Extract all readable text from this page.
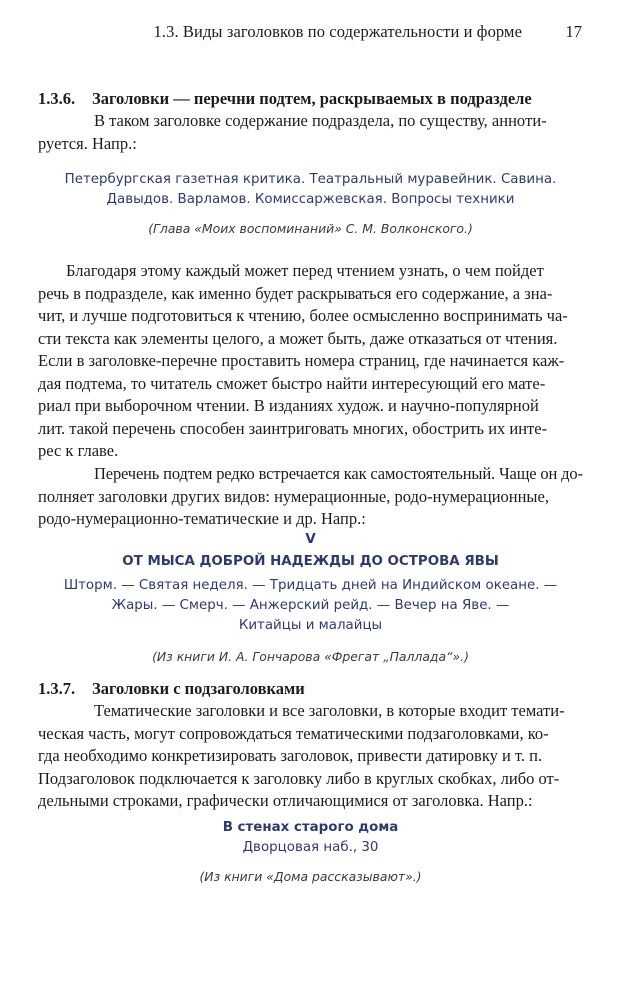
1.3. Виды заголовков по содержательности и форме	17
1.3.6. Заголовки — перечни подтем, раскрываемых в подразделе

В таком заголовке содержание подраздела, по существу, аннoти-
руется. Напр.:

Петербургская газетная критика. Театральный муравейник. Савина.
Давыдов. Варламов. Комиссаржевская. Вопросы техники
(Глава «Моих воспоминаний» С. М. Волконского.)

Благодаря этому каждый может перед чтением узнать, о чем пойдет
речь в подразделе, как именно будет раскрываться его содержание, а зна-
чит, и лучше подготовиться к чтению, более осмысленно воспринимать ча-
сти текста как элементы целого, а может быть, даже отказаться от чтения.
Если в заголовке-перечне проставить номера страниц, где начинается каж-
дая подтема, то читатель сможет быстро найти интересующий его мате-
риал при выборочном чтении. В изданиях худож. и научно-популярной
лит. такой перечень способен заинтриговать многих, обострить их инте-
рес к главе.

Перечень подтем редко встречается как самостоятельный. Чаще он до-
полняет заголовки других видов: нумерационные, родо-нумерационные,
родо-нумерационно-тематические и др. Напр.:

V
ОТ МЫСА ДОБРОЙ НАДЕЖДЫ ДО ОСТРОВА ЯВЫ
Шторм. — Святая неделя. — Тридцать дней на Индийском океане. —
Жары. — Смерч. — Анжерский рейд. — Вечер на Яве. —
Китайцы и малайцы
(Из книги И. А. Гончарова «Фрегат „Паллада“».)
1.3.7. Заголовки с подзаголовками

Тематические заголовки и все заголовки, в которые входит темати-
ческая часть, могут сопровождаться тематическими подзаголовками, ко-
гда необходимо конкретизировать заголовок, привести датировку и т. п.
Подзаголовок подключается к заголовку либо в круглых скобках, либо от-
дельными строками, графически отличающимися от заголовка. Напр.:

В стенах старого дома
Дворцовая наб., 30
(Из книги «Дома рассказывают».)
